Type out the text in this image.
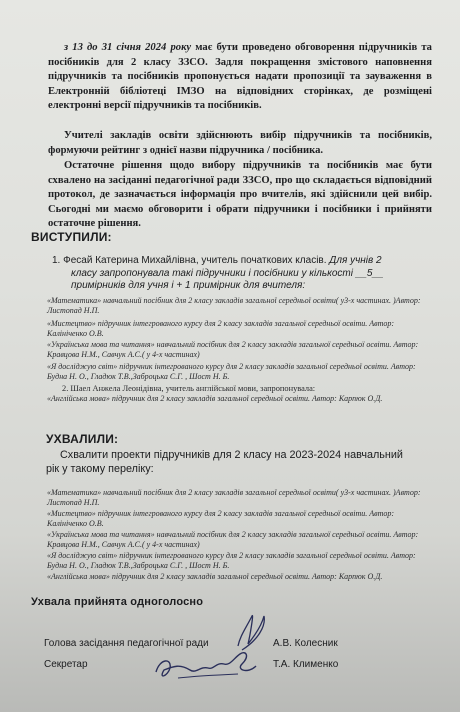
з 13 до 31 січня 2024 року має бути проведено обговорення підручників та посібників для 2 класу ЗЗСО. Задля покращення змістового наповнення підручників та посібників пропонується надати пропозиції та зауваження в Електронній бібліотеці ІМЗО на відповідних сторінках, де розміщені електронні версії підручників та посібників.

Учителі закладів освіти здійснюють вибір підручників та посібників, формуючи рейтинг з однієї назви підручника / посібника.

Остаточне рішення щодо вибору підручників та посібників має бути схвалено на засіданні педагогічної ради ЗЗСО, про що складається відповідний протокол, де зазначається інформація про вчителів, які здійснили цей вибір. Сьогодні ми маємо обговорити і обрати підручники і посібники і прийняти остаточне рішення.

ВИСТУПИЛИ:
1. Фесай Катерина Михайлівна, учитель початкових класів. Для учнів 2
класу запропонувала такі підручники і посібники у кількості __5__
примірників для учня і + 1 примірник для вчителя:
«Математика» навчальний посібник для 2 класу закладів загальної середньої освіти( у3-х частинах. )Автор: Листопад Н.П.
«Мистецтво» підручник інтегрованого курсу для 2 класу закладів загальної середньої освіти. Автор: Калініченко О.В.
«Українська мова та читання» навчальний посібник для 2 класу закладів загальної середньої освіти. Автор: Кравцова Н.М., Савчук А.С.( у 4-х частинах)
«Я досліджую світ» підручник інтегрованого курсу для 2 класу закладів загальної середньої освіти. Автор: Будна Н. О., Гладюк Т.В.,Заброцька С.Г. , Шост Н. Б.
2. Шаел Анжела Леонідівна, учитель англійської мови, запропонувала:
«Англійська мова» підручник для 2 класу закладів загальної середньої освіти. Автор: Карпюк О.Д.
УХВАЛИЛИ:
Схвалити проекти підручників для 2 класу на 2023-2024 навчальний
рік у такому переліку:
«Математика» навчальний посібник для 2 класу закладів загальної середньої освіти( у3-х частинах. )Автор: Листопад Н.П.
«Мистецтво» підручник інтегрованого курсу для 2 класу закладів загальної середньої освіти. Автор: Калініченко О.В.
«Українська мова та читання» навчальний посібник для 2 класу закладів загальної середньої освіти. Автор: Кравцова Н.М., Савчук А.С.( у 4-х частинах)
«Я досліджую світ» підручник інтегрованого курсу для 2 класу закладів загальної середньої освіти. Автор: Будна Н. О., Гладюк Т.В.,Заброцька С.Г. , Шост Н. Б.
«Англійська мова» підручник для 2 класу закладів загальної середньої освіти. Автор: Карпюк О.Д.
Ухвала прийнята одноголосно
Голова засідання педагогічної ради	А.В. Колесник
Секретар	Т.А. Клименко
